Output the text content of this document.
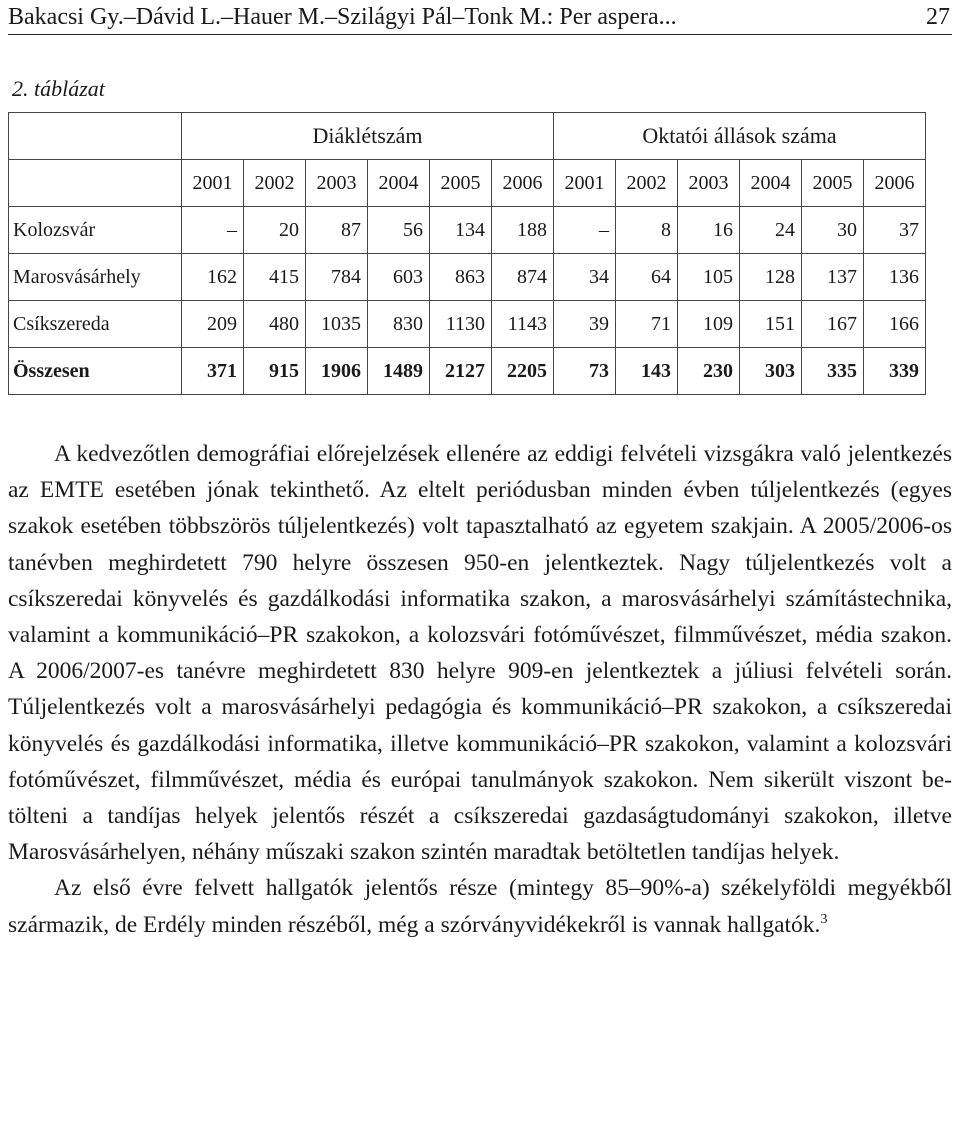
Bakacsi Gy.–Dávid L.–Hauer M.–Szilágyi Pál–Tonk M.: Per aspera...	27
2. táblázat
	Diáklétszám						Oktatói állások száma					
	2001	2002	2003	2004	2005	2006	2001	2002	2003	2004	2005	2006
Kolozsvár	–	20	87	56	134	188	–	8	16	24	30	37
Marosvásárhely	162	415	784	603	863	874	34	64	105	128	137	136
Csíkszereda	209	480	1035	830	1130	1143	39	71	109	151	167	166
Összesen	371	915	1906	1489	2127	2205	73	143	230	303	335	339

A kedvezőtlen demográfiai előrejelzések ellenére az eddigi felvételi vizsgákra való jelentkezés az EMTE esetében jónak tekinthető. Az eltelt periódusban minden évben túljelentkezés (egyes szakok esetében többszörös túljelentkezés) volt tapasztalható az egyetem szakjain. A 2005/2006-os tanévben meghirdetett 790 helyre összesen 950-en jelentkeztek. Nagy túljelentkezés volt a csíkszeredai könyvelés és gazdálkodási informatika szakon, a marosvásárhelyi számítástechnika, valamint a kommunikáció–PR szakokon, a kolozsvári fotóművészet, filmművészet, média szakon. A 2006/2007-es tanévre meghirdetett 830 helyre 909-en jelentkeztek a júliusi felvételi során. Túljelentkezés volt a marosvásárhelyi pedagógia és kommunikáció–PR szakokon, a csíkszeredai könyvelés és gazdálkodási informatika, illetve kommunikáció–PR szakokon, valamint a kolozsvári fotóművészet, filmművészet, média és európai tanulmányok szakokon. Nem sikerült viszont betölteni a tandíjas helyek jelentős részét a csíkszeredai gazdaságtudományi szakokon, illetve Marosvásárhelyen, néhány műszaki szakon szintén maradtak betöltetlen tandíjas helyek.

Az első évre felvett hallgatók jelentős része (mintegy 85–90%-a) székelyföldi megyékből származik, de Erdély minden részéből, még a szórványvidékekről is vannak hallgatók.$^3$
